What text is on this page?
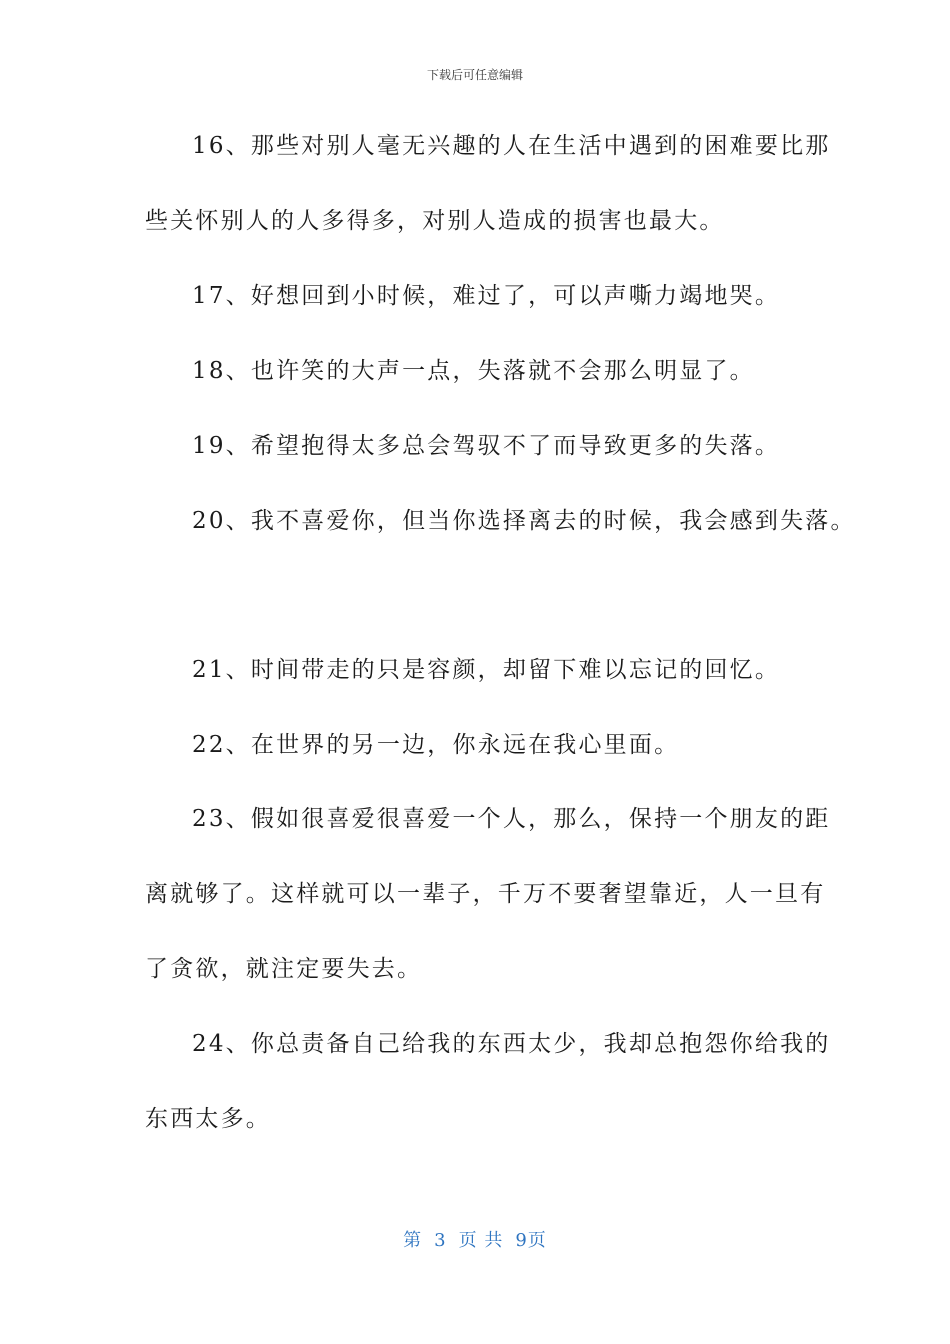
下载后可任意编辑
16、那些对别人毫无兴趣的人在生活中遇到的困难要比那
些关怀别人的人多得多，对别人造成的损害也最大。
17、好想回到小时候，难过了，可以声嘶力竭地哭。
18、也许笑的大声一点，失落就不会那么明显了。
19、希望抱得太多总会驾驭不了而导致更多的失落。
20、我不喜爱你，但当你选择离去的时候，我会感到失落。
21、时间带走的只是容颜，却留下难以忘记的回忆。
22、在世界的另一边，你永远在我心里面。
23、假如很喜爱很喜爱一个人，那么，保持一个朋友的距
离就够了。这样就可以一辈子，千万不要奢望靠近，人一旦有
了贪欲，就注定要失去。
24、你总责备自己给我的东西太少，我却总抱怨你给我的
东西太多。
第 3 页 共 9页
